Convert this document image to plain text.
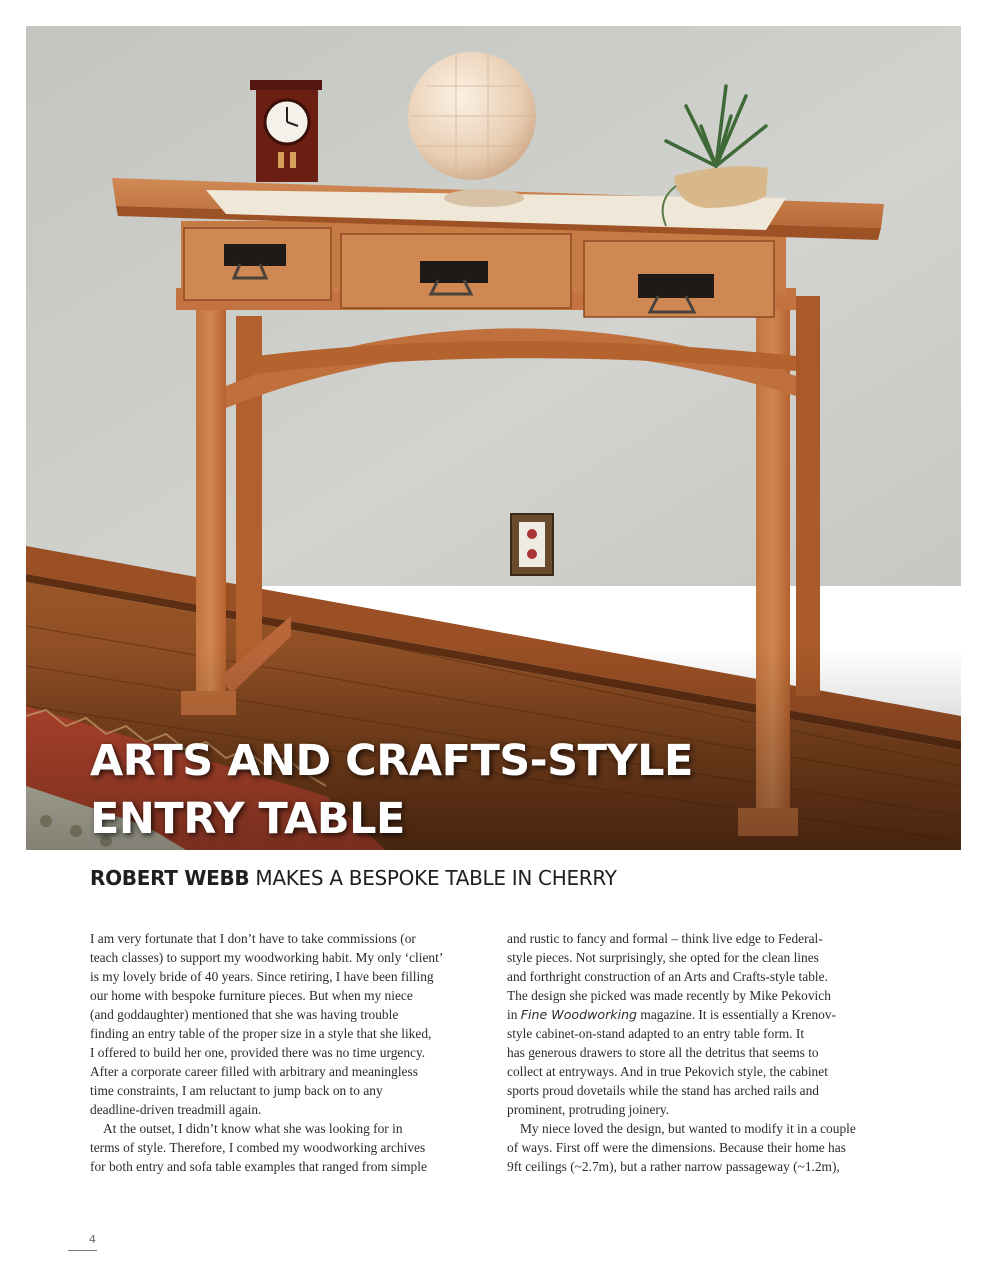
ARTS AND CRAFTS-STYLE
ENTRY TABLE
ROBERT WEBB MAKES A BESPOKE TABLE IN CHERRY

I am very fortunate that I don’t have to take commissions (or
teach classes) to support my woodworking habit. My only ‘client’
is my lovely bride of 40 years. Since retiring, I have been filling
our home with bespoke furniture pieces. But when my niece
(and goddaughter) mentioned that she was having trouble
finding an entry table of the proper size in a style that she liked,
I offered to build her one, provided there was no time urgency.
After a corporate career filled with arbitrary and meaningless
time constraints, I am reluctant to jump back on to any
deadline-driven treadmill again.

At the outset, I didn’t know what she was looking for in
terms of style. Therefore, I combed my woodworking archives
for both entry and sofa table examples that ranged from simple

and rustic to fancy and formal – think live edge to Federal-
style pieces. Not surprisingly, she opted for the clean lines
and forthright construction of an Arts and Crafts-style table.
The design she picked was made recently by Mike Pekovich
in Fine Woodworking magazine. It is essentially a Krenov-
style cabinet-on-stand adapted to an entry table form. It
has generous drawers to store all the detritus that seems to
collect at entryways. And in true Pekovich style, the cabinet
sports proud dovetails while the stand has arched rails and
prominent, protruding joinery.

My niece loved the design, but wanted to modify it in a couple
of ways. First off were the dimensions. Because their home has
9ft ceilings (~2.7m), but a rather narrow passageway (~1.2m),

4
